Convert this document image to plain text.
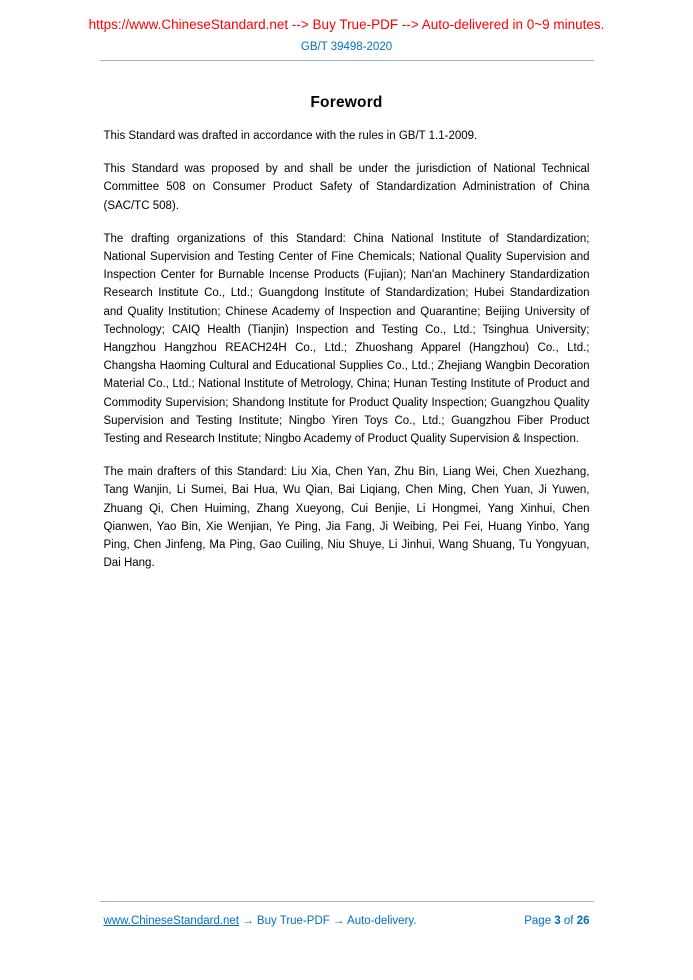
https://www.ChineseStandard.net --> Buy True-PDF --> Auto-delivered in 0~9 minutes.
GB/T 39498-2020
Foreword

This Standard was drafted in accordance with the rules in GB/T 1.1-2009.

This Standard was proposed by and shall be under the jurisdiction of National Technical Committee 508 on Consumer Product Safety of Standardization Administration of China (SAC/TC 508).

The drafting organizations of this Standard: China National Institute of Standardization; National Supervision and Testing Center of Fine Chemicals; National Quality Supervision and Inspection Center for Burnable Incense Products (Fujian); Nan'an Machinery Standardization Research Institute Co., Ltd.; Guangdong Institute of Standardization; Hubei Standardization and Quality Institution; Chinese Academy of Inspection and Quarantine; Beijing University of Technology; CAIQ Health (Tianjin) Inspection and Testing Co., Ltd.; Tsinghua University; Hangzhou Hangzhou REACH24H Co., Ltd.; Zhuoshang Apparel (Hangzhou) Co., Ltd.; Changsha Haoming Cultural and Educational Supplies Co., Ltd.; Zhejiang Wangbin Decoration Material Co., Ltd.; National Institute of Metrology, China; Hunan Testing Institute of Product and Commodity Supervision; Shandong Institute for Product Quality Inspection; Guangzhou Quality Supervision and Testing Institute; Ningbo Yiren Toys Co., Ltd.; Guangzhou Fiber Product Testing and Research Institute; Ningbo Academy of Product Quality Supervision & Inspection.

The main drafters of this Standard: Liu Xia, Chen Yan, Zhu Bin, Liang Wei, Chen Xuezhang, Tang Wanjin, Li Sumei, Bai Hua, Wu Qian, Bai Liqiang, Chen Ming, Chen Yuan, Ji Yuwen, Zhuang Qi, Chen Huiming, Zhang Xueyong, Cui Benjie, Li Hongmei, Yang Xinhui, Chen Qianwen, Yao Bin, Xie Wenjian, Ye Ping, Jia Fang, Ji Weibing, Pei Fei, Huang Yinbo, Yang Ping, Chen Jinfeng, Ma Ping, Gao Cuiling, Niu Shuye, Li Jinhui, Wang Shuang, Tu Yongyuan, Dai Hang.

www.ChineseStandard.net → Buy True-PDF → Auto-delivery.	Page 3 of 26
